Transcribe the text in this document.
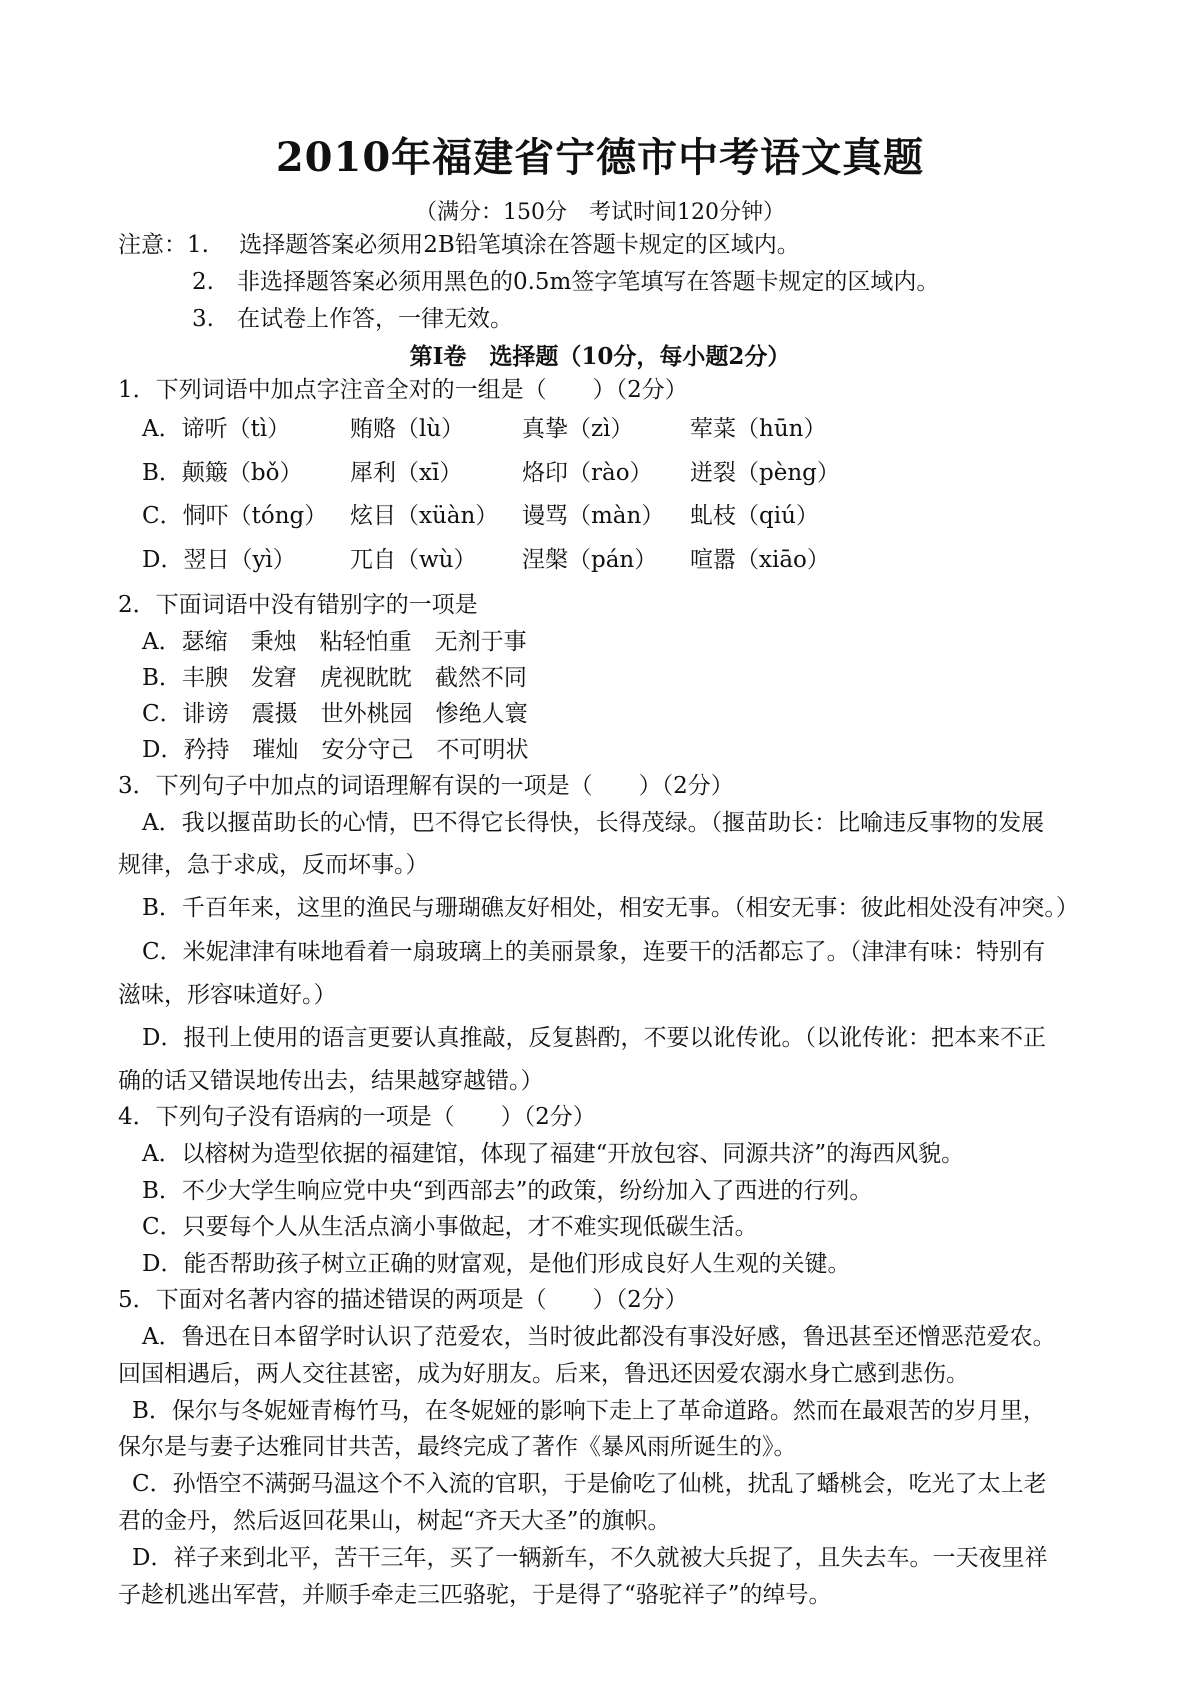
2010年福建省宁德市中考语文真题
（满分：150分　考试时间120分钟）
注意：1.　 选择题答案必须用2B铅笔填涂在答题卡规定的区域内。
2.　非选择题答案必须用黑色的0.5m签字笔填写在答题卡规定的区域内。
3.　在试卷上作答，一律无效。
第Ⅰ卷　选择题（10分，每小题2分）
1．下列词语中加点字注音全对的一组是（　　）（2分）
A．谛听（tì）	贿赂（lù）	真挚（zì） 荤菜（hūn）
B．颠簸（bǒ） 犀利（xī）	烙印（rào） 迸裂（pèng）
C．恫吓（tóng） 炫目（xüàn） 谩骂（màn） 虬枝（qiú）
D．翌日（yì） 兀自（wù） 涅槃（pán） 喧嚣（xiāo）
2．下面词语中没有错别字的一项是
A．瑟缩　秉烛　粘轻怕重　无剂于事
B．丰腴　发窘　虎视眈眈　截然不同
C．诽谤　震摄　世外桃园　惨绝人寰
D．矜持　璀灿　安分守己　不可明状
3．下列句子中加点的词语理解有误的一项是（　　）（2分）
A．我以揠苗助长的心情，巴不得它长得快，长得茂绿。（揠苗助长：比喻违反事物的发展
规律，急于求成，反而坏事。）
B．千百年来，这里的渔民与珊瑚礁友好相处，相安无事。（相安无事：彼此相处没有冲突。）
C．米妮津津有味地看着一扇玻璃上的美丽景象，连要干的活都忘了。（津津有味：特别有
滋味，形容味道好。）
D．报刊上使用的语言更要认真推敲，反复斟酌，不要以讹传讹。（以讹传讹：把本来不正
确的话又错误地传出去，结果越穿越错。）
4．下列句子没有语病的一项是（　　）（2分）
A．以榕树为造型依据的福建馆，体现了福建“开放包容、同源共济”的海西风貌。
B．不少大学生响应党中央“到西部去”的政策，纷纷加入了西进的行列。
C．只要每个人从生活点滴小事做起，才不难实现低碳生活。
D．能否帮助孩子树立正确的财富观，是他们形成良好人生观的关键。
5．下面对名著内容的描述错误的两项是（　　）（2分）
A．鲁迅在日本留学时认识了范爱农，当时彼此都没有事没好感，鲁迅甚至还憎恶范爱农。
回国相遇后，两人交往甚密，成为好朋友。后来，鲁迅还因爱农溺水身亡感到悲伤。
B．保尔与冬妮娅青梅竹马，在冬妮娅的影响下走上了革命道路。然而在最艰苦的岁月里，
保尔是与妻子达雅同甘共苦，最终完成了著作《暴风雨所诞生的》。
C．孙悟空不满弼马温这个不入流的官职，于是偷吃了仙桃，扰乱了蟠桃会，吃光了太上老
君的金丹，然后返回花果山，树起“齐天大圣”的旗帜。
D．祥子来到北平，苦干三年，买了一辆新车，不久就被大兵捉了，且失去车。一天夜里祥
子趁机逃出军营，并顺手牵走三匹骆驼，于是得了“骆驼祥子”的绰号。
